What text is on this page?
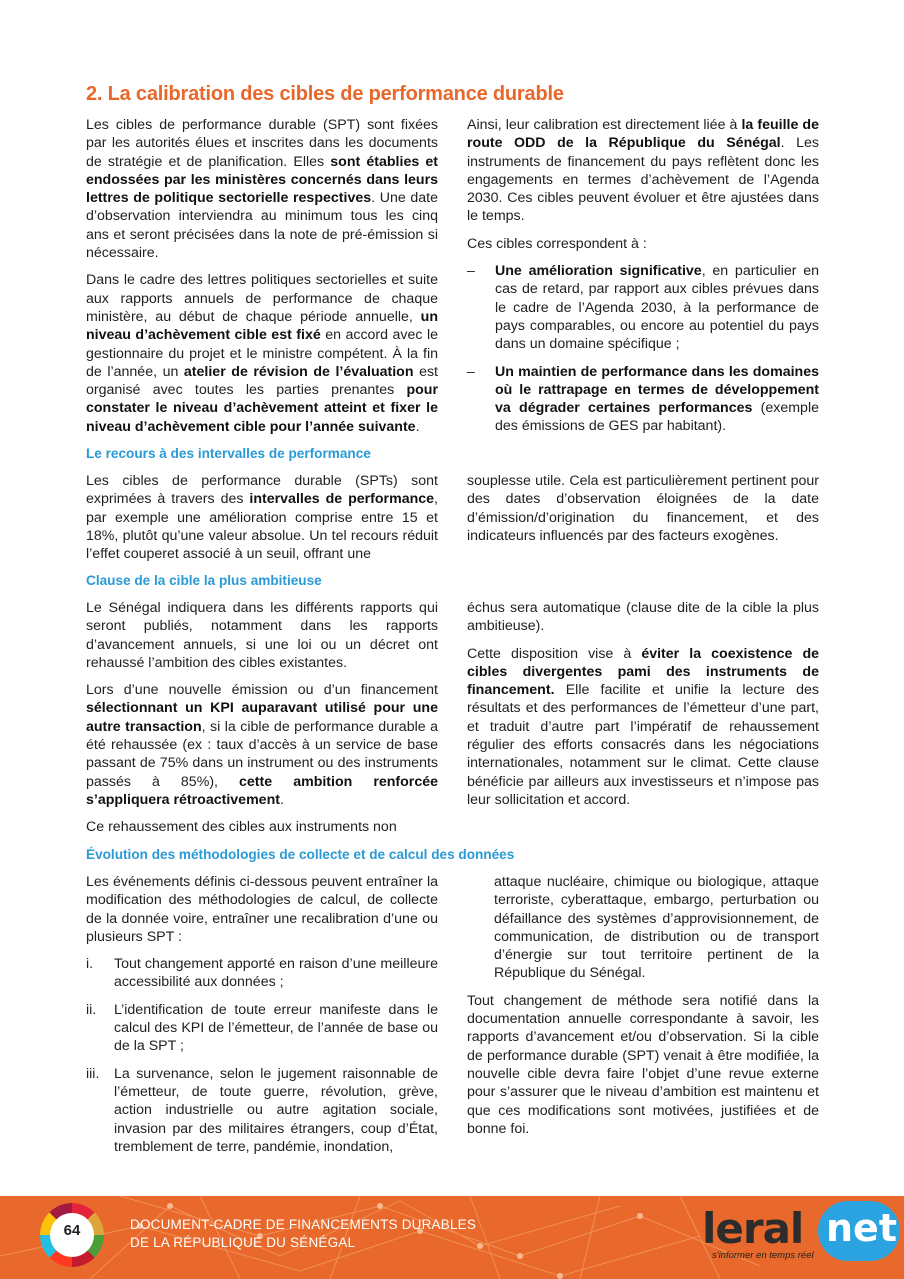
2. La calibration des cibles de performance durable

Les cibles de performance durable (SPT) sont fixées par les autorités élues et inscrites dans les documents de stratégie et de planification. Elles sont établies et endossées par les ministères concernés dans leurs lettres de politique sectorielle respectives. Une date d’observation interviendra au minimum tous les cinq ans et seront précisées dans la note de pré-émission si nécessaire.

Dans le cadre des lettres politiques sectorielles et suite aux rapports annuels de performance de chaque ministère, au début de chaque période annuelle, un niveau d’achèvement cible est fixé en accord avec le gestionnaire du projet et le ministre compétent. À la fin de l’année, un atelier de révision de l’évaluation est organisé avec toutes les parties prenantes pour constater le niveau d’achèvement atteint et fixer le niveau d’achèvement cible pour l’année suivante.

Ainsi, leur calibration est directement liée à la feuille de route ODD de la République du Sénégal. Les instruments de financement du pays reflètent donc les engagements en termes d’achèvement de l’Agenda 2030. Ces cibles peuvent évoluer et être ajustées dans le temps.

Ces cibles correspondent à :

– Une amélioration significative, en particulier en cas de retard, par rapport aux cibles prévues dans le cadre de l’Agenda 2030, à la performance de pays comparables, ou encore au potentiel du pays dans un domaine spécifique ;
– Un maintien de performance dans les domaines où le rattrapage en termes de développement va dégrader certaines performances (exemple des émissions de GES par habitant).
Le recours à des intervalles de performance

Les cibles de performance durable (SPTs) sont exprimées à travers des intervalles de performance, par exemple une amélioration comprise entre 15 et 18%, plutôt qu’une valeur absolue. Un tel recours réduit l’effet couperet associé à un seuil, offrant une

souplesse utile. Cela est particulièrement pertinent pour des dates d’observation éloignées de la date d’émission/d’origination du financement, et des indicateurs influencés par des facteurs exogènes.

Clause de la cible la plus ambitieuse

Le Sénégal indiquera dans les différents rapports qui seront publiés, notamment dans les rapports d’avancement annuels, si une loi ou un décret ont rehaussé l’ambition des cibles existantes.

Lors d’une nouvelle émission ou d’un financement sélectionnant un KPI auparavant utilisé pour une autre transaction, si la cible de performance durable a été rehaussée (ex : taux d’accès à un service de base passant de 75% dans un instrument ou des instruments passés à 85%), cette ambition renforcée s’appliquera rétroactivement.

Ce rehaussement des cibles aux instruments non

échus sera automatique (clause dite de la cible la plus ambitieuse).

Cette disposition vise à éviter la coexistence de cibles divergentes pami des instruments de financement. Elle facilite et unifie la lecture des résultats et des performances de l’émetteur d’une part, et traduit d’autre part l’impératif de rehaussement régulier des efforts consacrés dans les négociations internationales, notamment sur le climat. Cette clause bénéficie par ailleurs aux investisseurs et n’impose pas leur sollicitation et accord.

Évolution des méthodologies de collecte et de calcul des données

Les événements définis ci-dessous peuvent entraîner la modification des méthodologies de calcul, de collecte de la donnée voire, entraîner une recalibration d’une ou plusieurs SPT :

i. Tout changement apporté en raison d’une meilleure accessibilité aux données ;
ii. L’identification de toute erreur manifeste dans le calcul des KPI de l’émetteur, de l’année de base ou de la SPT ;
iii. La survenance, selon le jugement raisonnable de l’émetteur, de toute guerre, révolution, grève, action industrielle ou autre agitation sociale, invasion par des militaires étrangers, coup d’État, tremblement de terre, pandémie, inondation,

attaque nucléaire, chimique ou biologique, attaque terroriste, cyberattaque, embargo, perturbation ou défaillance des systèmes d’approvisionnement, de communication, de distribution ou de transport d’énergie sur tout territoire pertinent de la République du Sénégal.

Tout changement de méthode sera notifié dans la documentation annuelle correspondante à savoir, les rapports d’avancement et/ou d’observation. Si la cible de performance durable (SPT) venait à être modifiée, la nouvelle cible devra faire l’objet d’une revue externe pour s’assurer que le niveau d’ambition est maintenu et que ces modifications sont motivées, justifiées et de bonne foi.

64	DOCUMENT-CADRE DE FINANCEMENTS DURABLES
DE LA RÉPUBLIQUE DU SÉNÉGAL	leral net
s'informer en temps réel
